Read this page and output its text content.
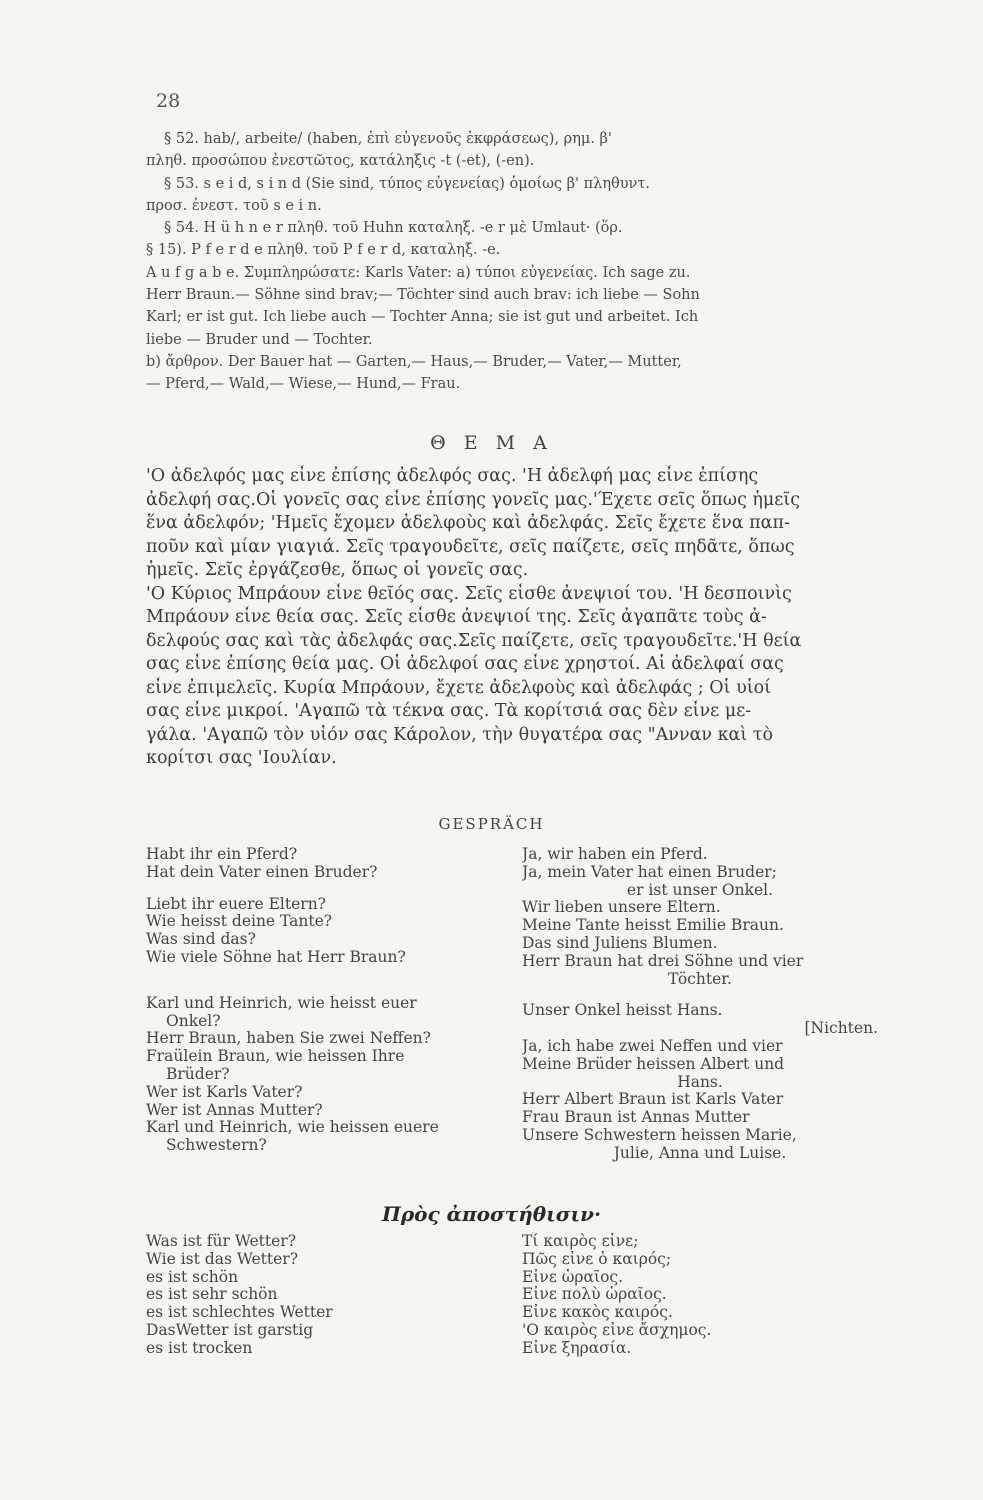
28

§ 52. hab/, arbeite/ (haben, ἐπὶ εὐγενοῦς ἐκφράσεως), ρημ. β'

πληθ. προσώπου ἐνεστῶτος, κατάληξις -t (-et), (-en).

§ 53. s e i d, s i n d (Sie sind, τύπος εὐγενείας) ὁμοίως β' πληθυντ.

προσ. ἐνεστ. τοῦ s e i n.

§ 54. H ü h n e r πληθ. τοῦ Huhn καταληξ. -e r μὲ Umlaut· (ὅρ.

§ 15). P f e r d e πληθ. τοῦ P f e r d, καταληξ. -e.

A u f g a b e. Συμπληρώσατε: Karls Vater: a) τύποι εὐγενείας. Ich sage zu.

Herr Braun.— Söhne sind brav;— Töchter sind auch brav: ich liebe — Sohn

Karl; er ist gut. Ich liebe auch — Tochter Anna; sie ist gut und arbeitet. Ich

liebe — Bruder und — Tochter.

b) ἄρθρον. Der Bauer hat — Garten,— Haus,— Bruder,— Vater,— Mutter,

— Pferd,— Wald,— Wiese,— Hund,— Frau.

Θ Ε Μ Α

'Ο ἀδελφός μας εἶνε ἐπίσης ἀδελφός σας. 'Η ἀδελφή μας εἶνε ἐπίσης

ἀδελφή σας.Οἱ γονεῖς σας εἶνε ἐπίσης γονεῖς μας.'Έχετε σεῖς ὅπως ἡμεῖς

ἕνα ἀδελφόν; 'Ημεῖς ἔχομεν ἀδελφοὺς καὶ ἀδελφάς. Σεῖς ἔχετε ἕνα παπ-

ποῦν καὶ μίαν γιαγιά. Σεῖς τραγουδεῖτε, σεῖς παίζετε, σεῖς πηδᾶτε, ὅπως

ἡμεῖς. Σεῖς ἐργάζεσθε, ὅπως οἱ γονεῖς σας.

'Ο Κύριος Μπράουν εἶνε θεῖός σας. Σεῖς εἶσθε ἀνεψιοί του. 'Η δεσποινὶς

Μπράουν εἶνε θεία σας. Σεῖς εἶσθε ἀνεψιοί της. Σεῖς ἀγαπᾶτε τοὺς ἀ-

δελφούς σας καὶ τὰς ἀδελφάς σας.Σεῖς παίζετε, σεῖς τραγουδεῖτε.'Η θεία

σας εἶνε ἐπίσης θεία μας. Οἱ ἀδελφοί σας εἶνε χρηστοί. Αἱ ἀδελφαί σας

εἶνε ἐπιμελεῖς. Κυρία Μπράουν, ἔχετε ἀδελφοὺς καὶ ἀδελφάς ; Οἱ υἱοί

σας εἶνε μικροί. 'Αγαπῶ τὰ τέκνα σας. Τὰ κορίτσιά σας δὲν εἶνε με-

γάλα. 'Αγαπῶ τὸν υἱόν σας Κάρολον, τὴν θυγατέρα σας "Ανναν καὶ τὸ

κορίτσι σας 'Ιουλίαν.

GESPRÄCH

Habt ihr ein Pferd?

Hat dein Vater einen Bruder?

Liebt ihr euere Eltern?

Wie heisst deine Tante?

Was sind das?

Wie viele Söhne hat Herr Braun?

Karl und Heinrich, wie heisst euer

Onkel?

Herr Braun, haben Sie zwei Neffen?

Fraülein Braun, wie heissen Ihre

Brüder?

Wer ist Karls Vater?

Wer ist Annas Mutter?

Karl und Heinrich, wie heissen euere

Schwestern?

Ja, wir haben ein Pferd.

Ja, mein Vater hat einen Bruder;

er ist unser Onkel.

Wir lieben unsere Eltern.

Meine Tante heisst Emilie Braun.

Das sind Juliens Blumen.

Herr Braun hat drei Söhne und vier

Töchter.

Unser Onkel heisst Hans.

[Nichten.

Ja, ich habe zwei Neffen und vier

Meine Brüder heissen Albert und

Hans.

Herr Albert Braun ist Karls Vater

Frau Braun ist Annas Mutter

Unsere Schwestern heissen Marie,

Julie, Anna und Luise.

Πρὸς ἀποστήθισιν·

Was ist für Wetter?

Wie ist das Wetter?

es ist schön

es ist sehr schön

es ist schlechtes Wetter

DasWetter ist garstig

es ist trocken

Τί καιρὸς εἶνε;

Πῶς εἶνε ὁ καιρός;

Εἶνε ὡραῖος.

Εἶνε πολὺ ὡραῖος.

Εἶνε κακὸς καιρός.

'Ο καιρὸς εἶνε ἄσχημος.

Εἶνε ξηρασία.
